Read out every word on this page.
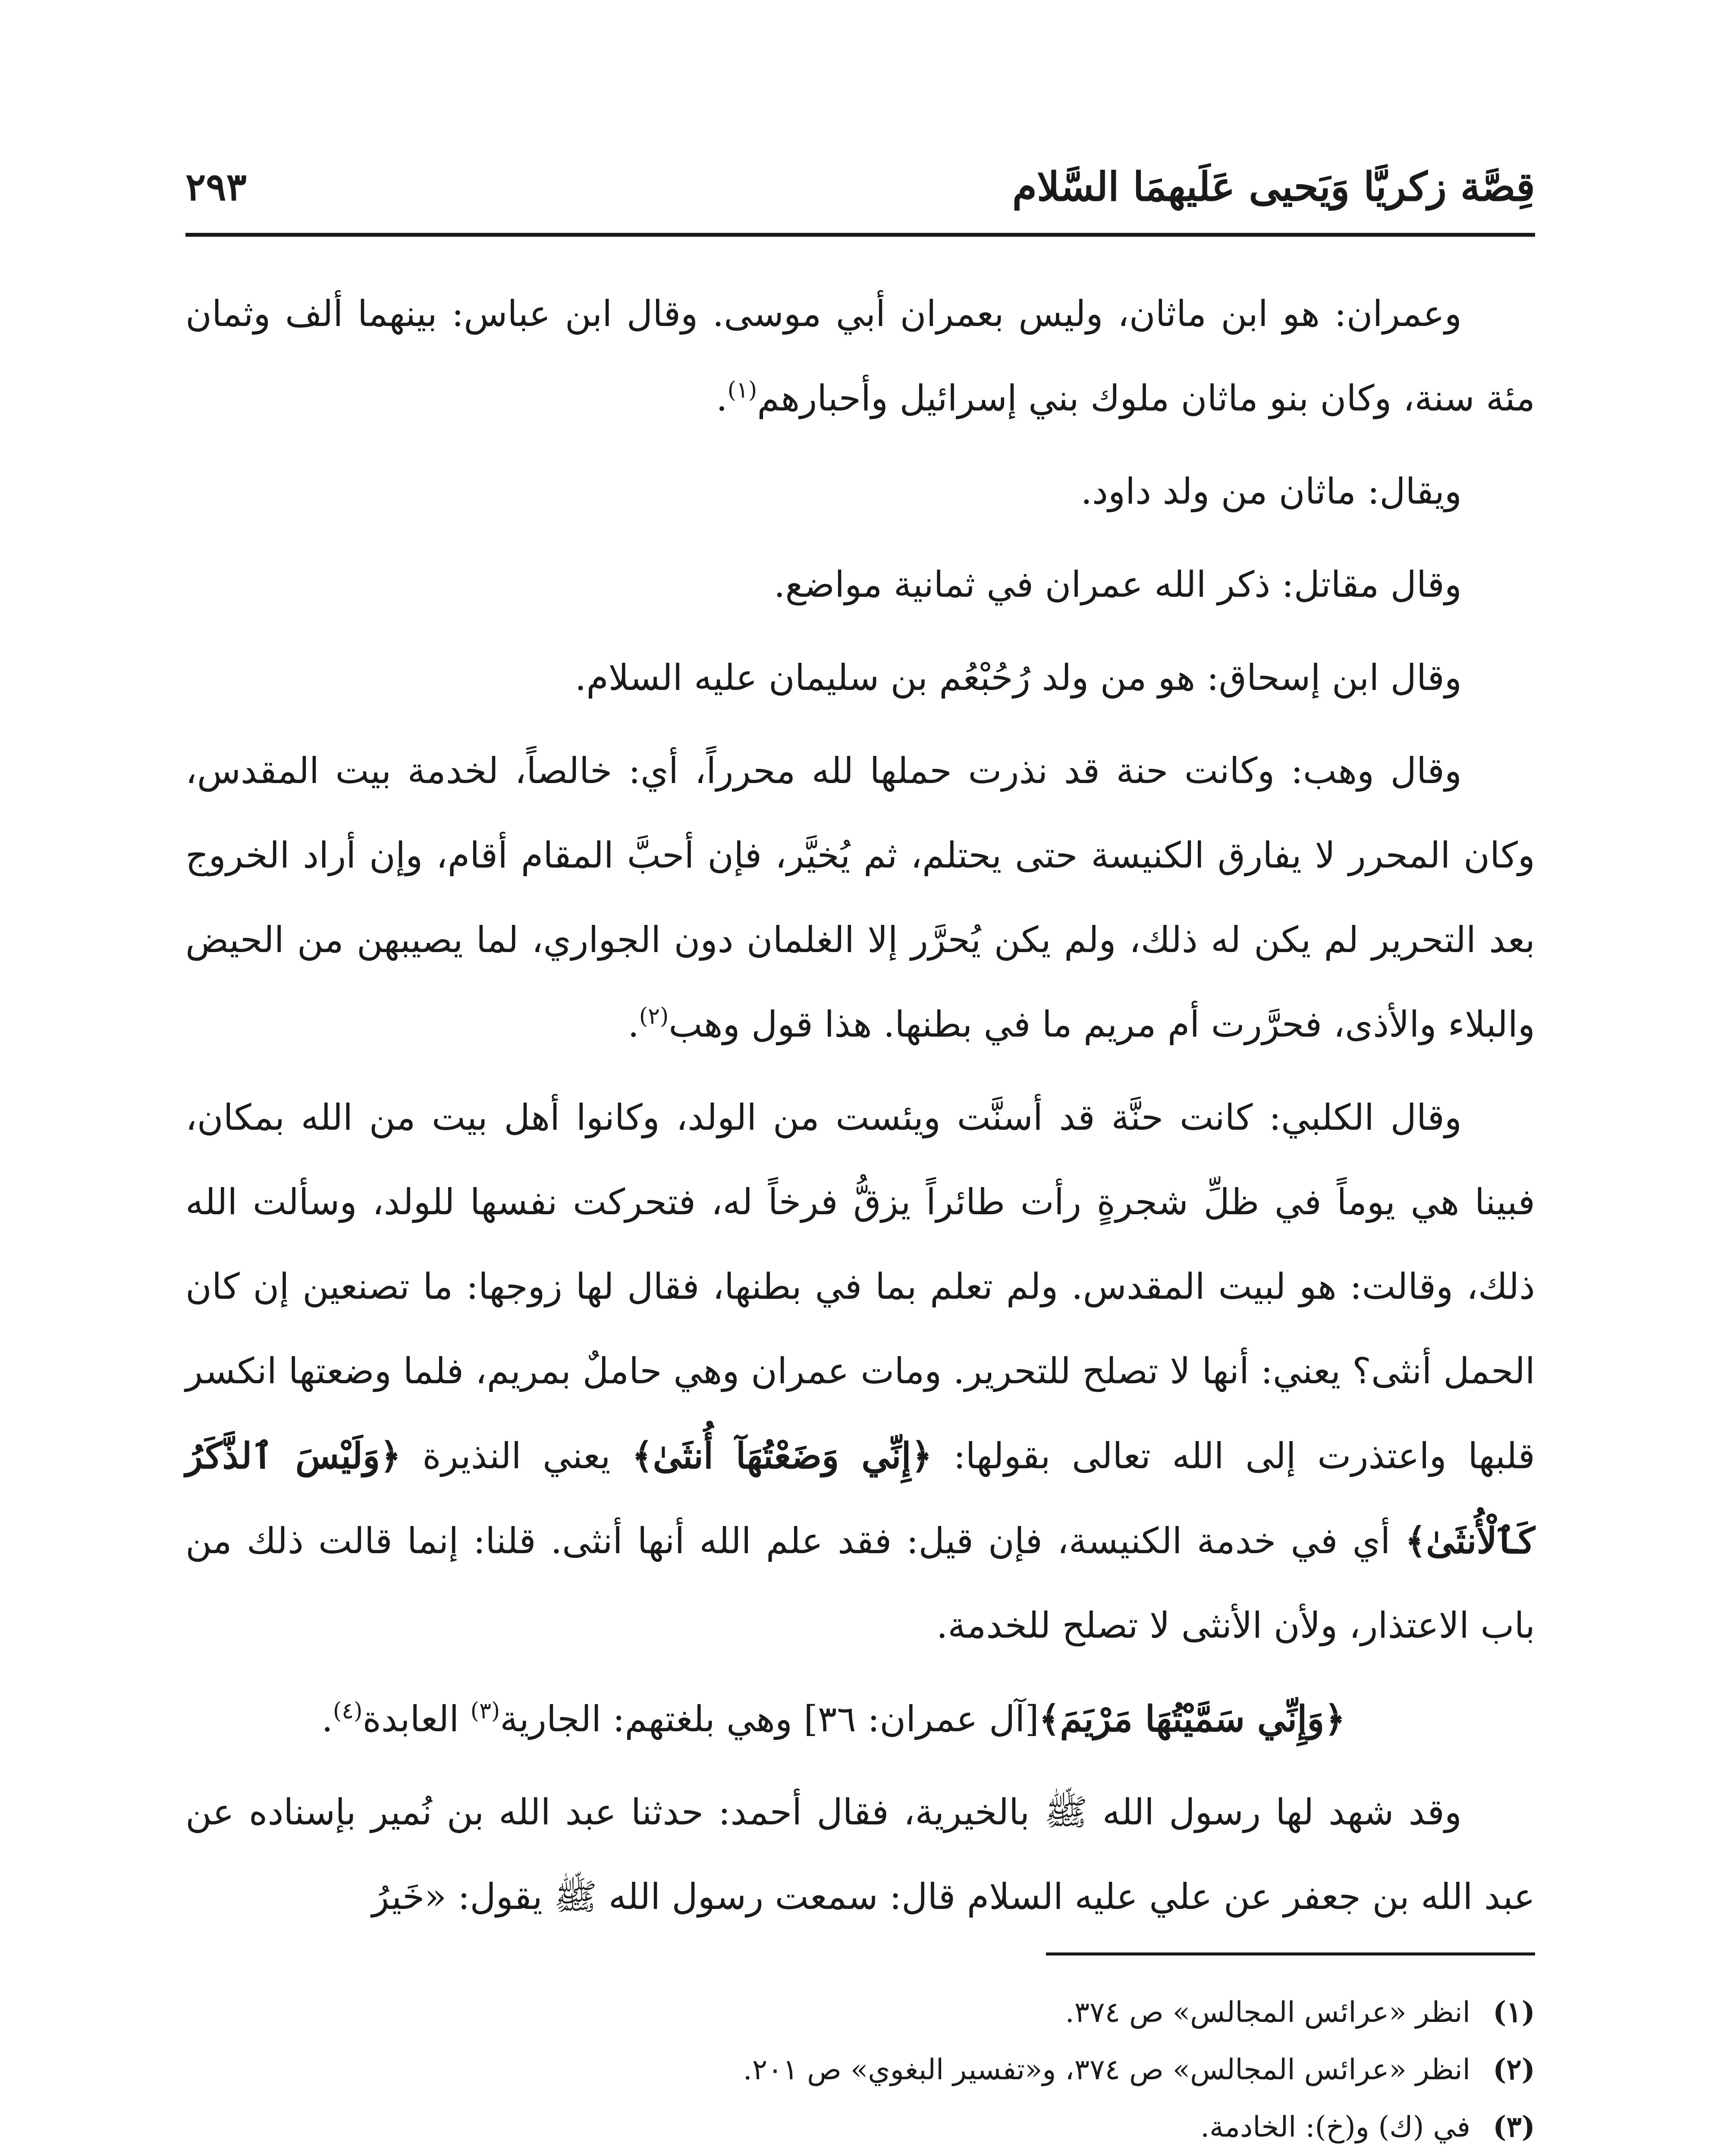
قِصَّة زكريَّا وَيَحيى عَلَيهمَا السَّلام
٢٩٣

وعمران: هو ابن ماثان، وليس بعمران أبي موسى. وقال ابن عباس: بينهما ألف وثمان مئة سنة، وكان بنو ماثان ملوك بني إسرائيل وأحبارهم$^{(١)}$.

ويقال: ماثان من ولد داود.

وقال مقاتل: ذكر الله عمران في ثمانية مواضع.

وقال ابن إسحاق: هو من ولد رُحُبْعُم بن سليمان عليه السلام.

وقال وهب: وكانت حنة قد نذرت حملها لله محرراً، أي: خالصاً، لخدمة بيت المقدس، وكان المحرر لا يفارق الكنيسة حتى يحتلم، ثم يُخيَّر، فإن أحبَّ المقام أقام، وإن أراد الخروج بعد التحرير لم يكن له ذلك، ولم يكن يُحرَّر إلا الغلمان دون الجواري، لما يصيبهن من الحيض والبلاء والأذى، فحرَّرت أم مريم ما في بطنها. هذا قول وهب$^{(٢)}$.

وقال الكلبي: كانت حنَّة قد أسنَّت ويئست من الولد، وكانوا أهل بيت من الله بمكان، فبينا هي يوماً في ظلِّ شجرةٍ رأت طائراً يزقُّ فرخاً له، فتحركت نفسها للولد، وسألت الله ذلك، وقالت: هو لبيت المقدس. ولم تعلم بما في بطنها، فقال لها زوجها: ما تصنعين إن كان الحمل أنثى؟ يعني: أنها لا تصلح للتحرير. ومات عمران وهي حاملٌ بمريم، فلما وضعتها انكسر قلبها واعتذرت إلى الله تعالى بقولها: ﴿إِنِّي وَضَعْتُهَآ أُنثَىٰ﴾ يعني النذيرة ﴿وَلَيْسَ ٱلذَّكَرُ كَٱلْأُنثَىٰ﴾ أي في خدمة الكنيسة، فإن قيل: فقد علم الله أنها أنثى. قلنا: إنما قالت ذلك من باب الاعتذار، ولأن الأنثى لا تصلح للخدمة.

﴿وَإِنِّي سَمَّيْتُهَا مَرْيَمَ﴾[آل عمران: ٣٦] وهي بلغتهم: الجارية$^{(٣)}$ العابدة$^{(٤)}$.

وقد شهد لها رسول الله ﷺ بالخيرية، فقال أحمد: حدثنا عبد الله بن نُمير بإسناده عن عبد الله بن جعفر عن علي عليه السلام قال: سمعت رسول الله ﷺ يقول: «خَيرُ

(١)انظر «عرائس المجالس» ص ٣٧٤.

(٢)انظر «عرائس المجالس» ص ٣٧٤، و«تفسير البغوي» ص ٢٠١.

(٣)في (ك) و(خ): الخادمة.
